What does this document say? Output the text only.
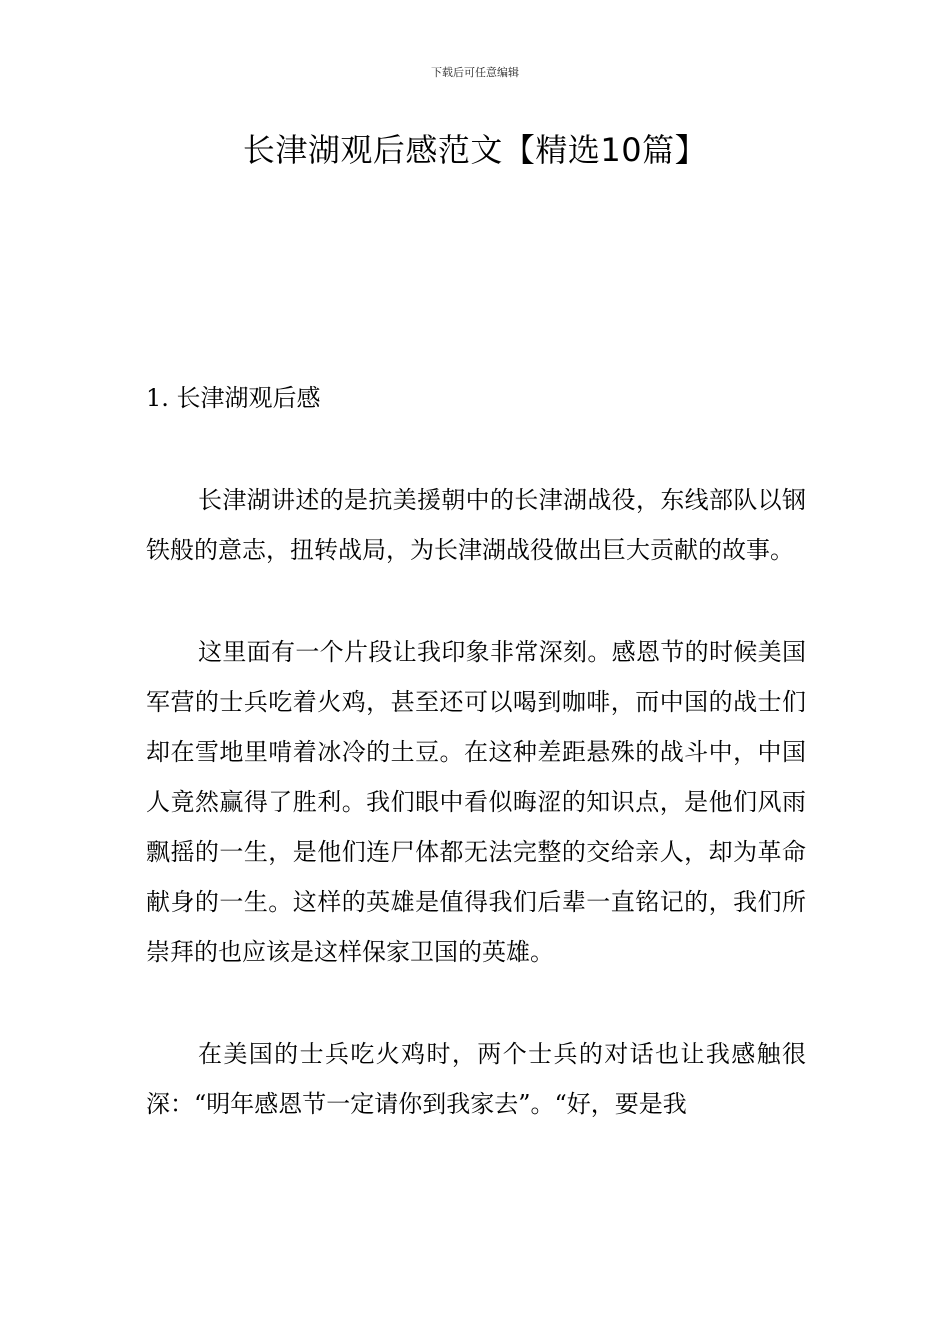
下载后可任意编辑
长津湖观后感范文【精选10篇】
1. 长津湖观后感

长津湖讲述的是抗美援朝中的长津湖战役，东线部队以钢铁般的意志，扭转战局，为长津湖战役做出巨大贡献的故事。

这里面有一个片段让我印象非常深刻。感恩节的时候美国 军营的士兵吃着火鸡，甚至还可以喝到咖啡，而中国的战士们却在雪地里啃着冰冷的土豆。在这种差距悬殊的战斗中，中国人竟然赢得了胜利。我们眼中看似晦涩的知识点，是他们风雨飘摇的一生，是他们连尸体都无法完整的交给亲人，却为革命献身的一生。这样的英雄是值得我们后辈一直铭记的，我们所崇拜的也应该是这样保家卫国的英雄。

在美国的士兵吃火鸡时，两个士兵的对话也让我感触很深：“明年感恩节一定请你到我家去”。“好，要是我
